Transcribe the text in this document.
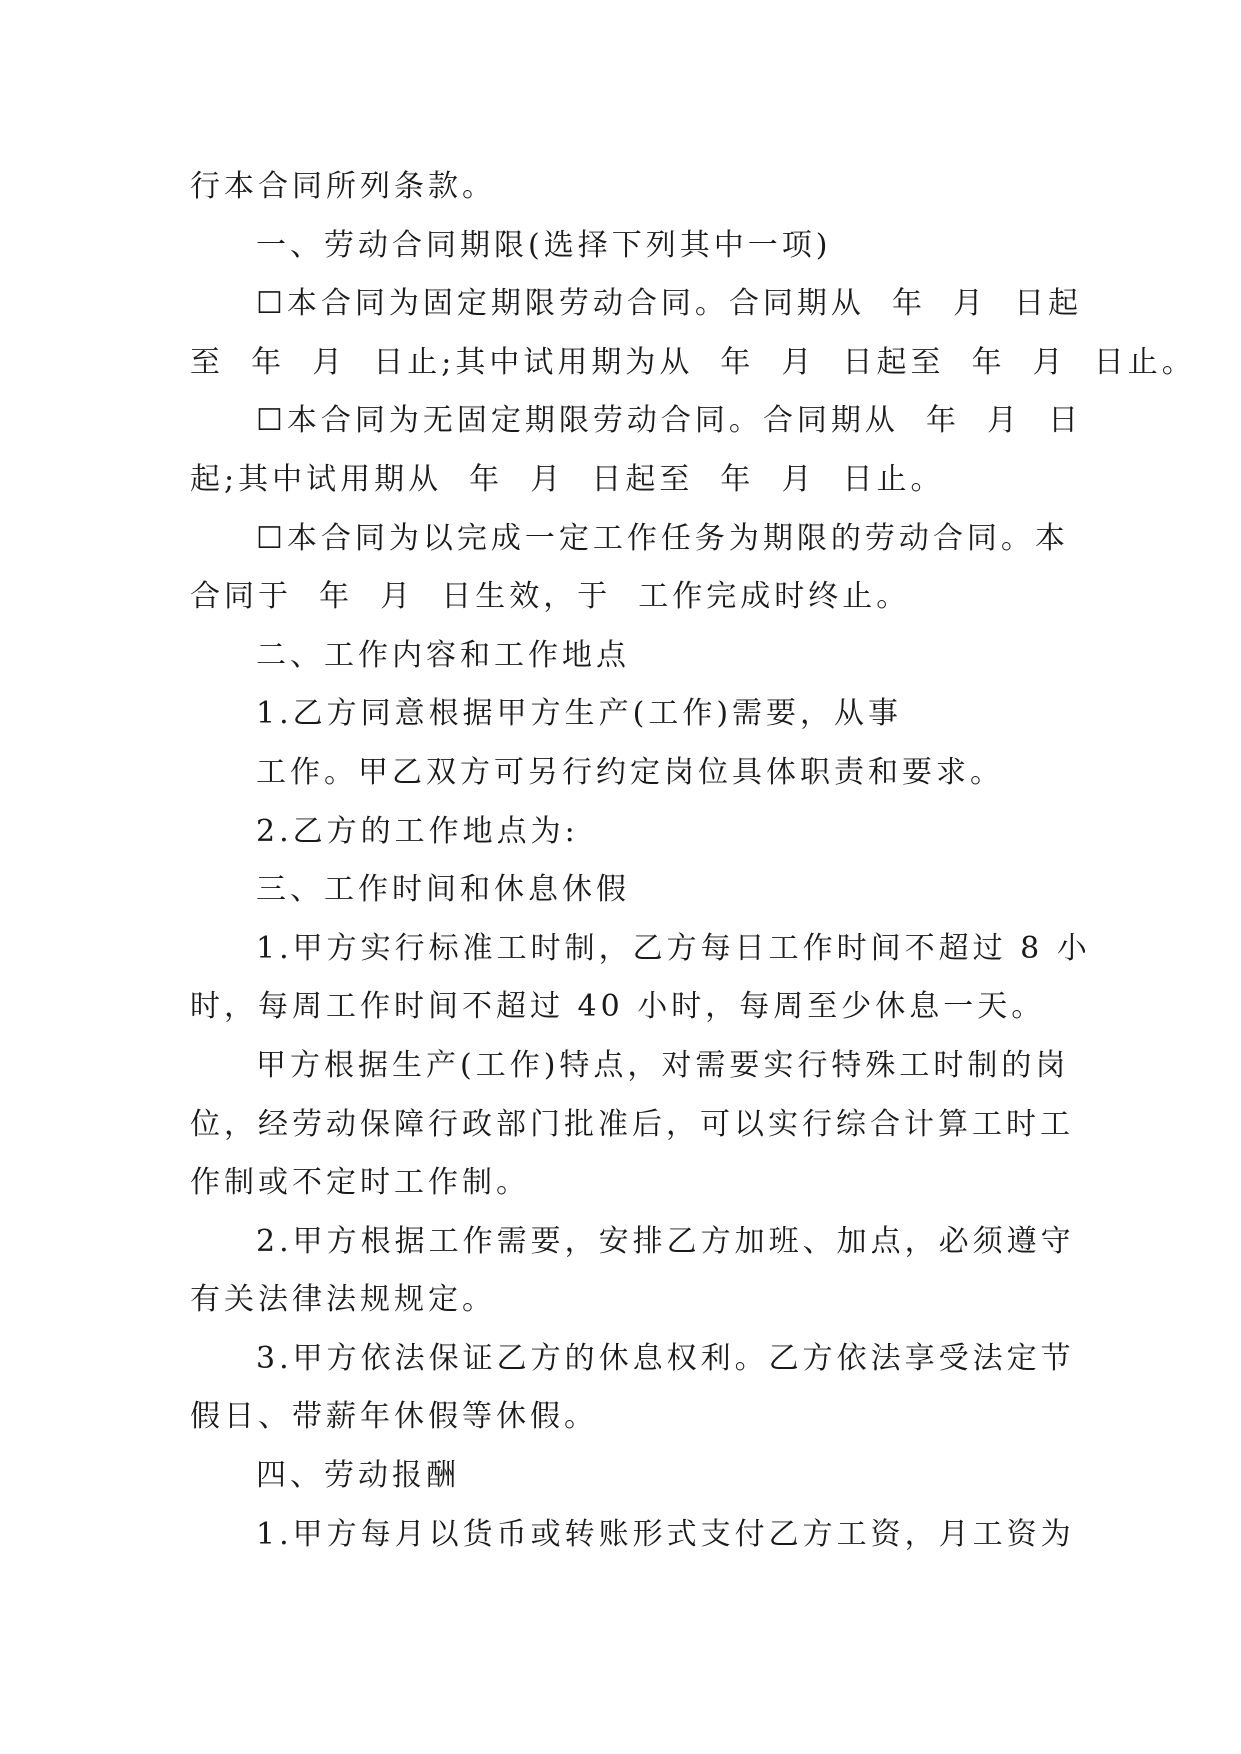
行本合同所列条款。
一、劳动合同期限(选择下列其中一项)
☐本合同为固定期限劳动合同。合同期从  年  月  日起
至  年  月  日止;其中试用期为从  年  月  日起至  年  月  日止。
☐本合同为无固定期限劳动合同。合同期从  年  月  日
起;其中试用期从  年  月  日起至  年  月  日止。
☐本合同为以完成一定工作任务为期限的劳动合同。本
合同于  年  月  日生效，于  工作完成时终止。
二、工作内容和工作地点
1.乙方同意根据甲方生产(工作)需要，从事
工作。甲乙双方可另行约定岗位具体职责和要求。
2.乙方的工作地点为:
三、工作时间和休息休假
1.甲方实行标准工时制，乙方每日工作时间不超过 8 小
时，每周工作时间不超过 40 小时，每周至少休息一天。
甲方根据生产(工作)特点，对需要实行特殊工时制的岗
位，经劳动保障行政部门批准后，可以实行综合计算工时工
作制或不定时工作制。
2.甲方根据工作需要，安排乙方加班、加点，必须遵守
有关法律法规规定。
3.甲方依法保证乙方的休息权利。乙方依法享受法定节
假日、带薪年休假等休假。
四、劳动报酬
1.甲方每月以货币或转账形式支付乙方工资，月工资为
